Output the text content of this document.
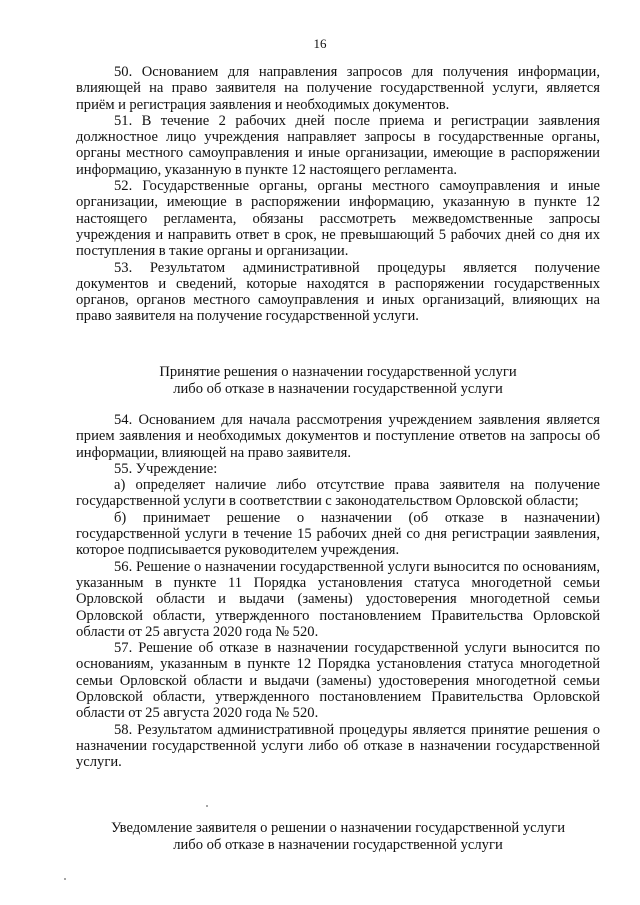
16

50. Основанием для направления запросов для получения информации, влияющей на право заявителя на получение государственной услуги, является приём и регистрация заявления и необходимых документов.

51. В течение 2 рабочих дней после приема и регистрации заявления должностное лицо учреждения направляет запросы в государственные органы, органы местного самоуправления и иные организации, имеющие в распоряжении информацию, указанную в пункте 12 настоящего регламента.

52. Государственные органы, органы местного самоуправления и иные организации, имеющие в распоряжении информацию, указанную в пункте 12 настоящего регламента, обязаны рассмотреть межведомственные запросы учреждения и направить ответ в срок, не превышающий 5 рабочих дней со дня их поступления в такие органы и организации.

53. Результатом административной процедуры является получение документов и сведений, которые находятся в распоряжении государственных органов, органов местного самоуправления и иных организаций, влияющих на право заявителя на получение государственной услуги.

Принятие решения о назначении государственной услуги
либо об отказе в назначении государственной услуги

54. Основанием для начала рассмотрения учреждением заявления является прием заявления и необходимых документов и поступление ответов на запросы об информации, влияющей на право заявителя.

55. Учреждение:

а) определяет наличие либо отсутствие права заявителя на получение государственной услуги в соответствии с законодательством Орловской области;

б) принимает решение о назначении (об отказе в назначении) государственной услуги в течение 15 рабочих дней со дня регистрации заявления, которое подписывается руководителем учреждения.

56. Решение о назначении государственной услуги выносится по основаниям, указанным в пункте 11 Порядка установления статуса многодетной семьи Орловской области и выдачи (замены) удостоверения многодетной семьи Орловской области, утвержденного постановлением Правительства Орловской области от 25 августа 2020 года № 520.

57. Решение об отказе в назначении государственной услуги выносится по основаниям, указанным в пункте 12 Порядка установления статуса многодетной семьи Орловской области и выдачи (замены) удостоверения многодетной семьи Орловской области, утвержденного постановлением Правительства Орловской области от 25 августа 2020 года № 520.

58. Результатом административной процедуры является принятие решения о назначении государственной услуги либо об отказе в назначении государственной услуги.

Уведомление заявителя о решении о назначении государственной услуги
либо об отказе в назначении государственной услуги
